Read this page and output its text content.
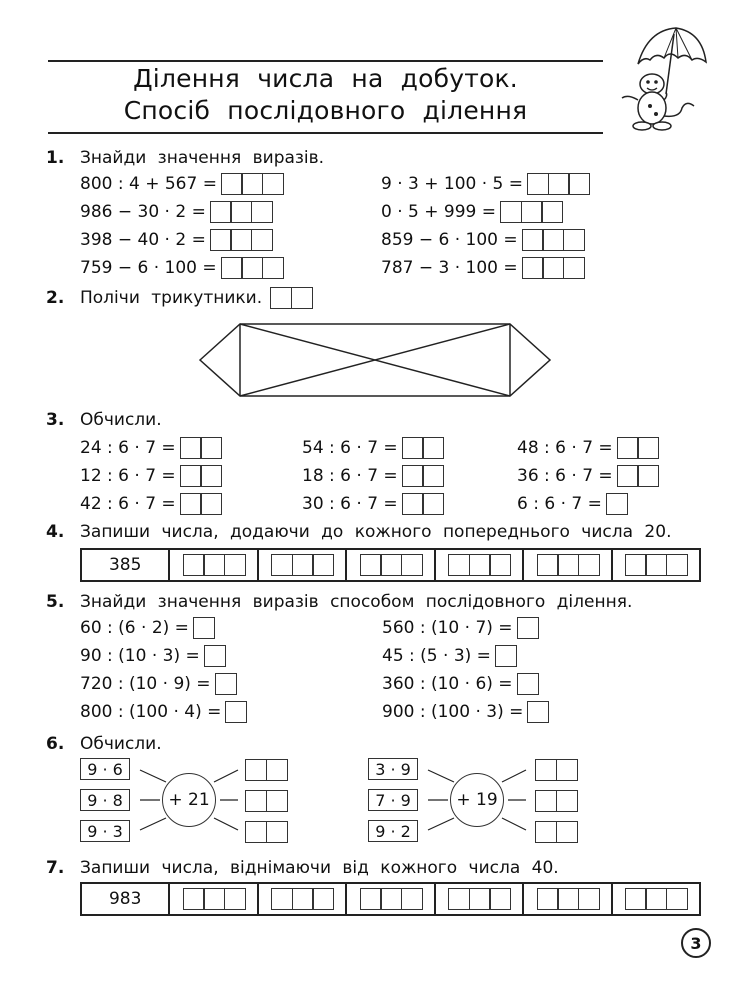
Ділення числа на добуток.
Спосіб послідовного ділення
1. Знайди значення виразів.
800 : 4 + 567 =
986 − 30 · 2 =
398 − 40 · 2 =
759 − 6 · 100 =
9 · 3 + 100 · 5 =
0 · 5 + 999 =
859 − 6 · 100 =
787 − 3 · 100 =
2. Полічи трикутники.
3. Обчисли.
24 : 6 · 7 =
12 : 6 · 7 =
42 : 6 · 7 =
54 : 6 · 7 =
18 : 6 · 7 =
30 : 6 · 7 =
48 : 6 · 7 =
36 : 6 · 7 =
6 : 6 · 7 =
4. Запиши числа, додаючи до кожного попереднього числа 20.
385
5. Знайди значення виразів способом послідовного ділення.
60 : (6 · 2) =
90 : (10 · 3) =
720 : (10 · 9) =
800 : (100 · 4) =
560 : (10 · 7) =
45 : (5 · 3) =
360 : (10 · 6) =
900 : (100 · 3) =
6. Обчисли.
9 · 6
9 · 8
9 · 3
+ 21
3 · 9
7 · 9
9 · 2
+ 19
7. Запиши числа, віднімаючи від кожного числа 40.
983
3
